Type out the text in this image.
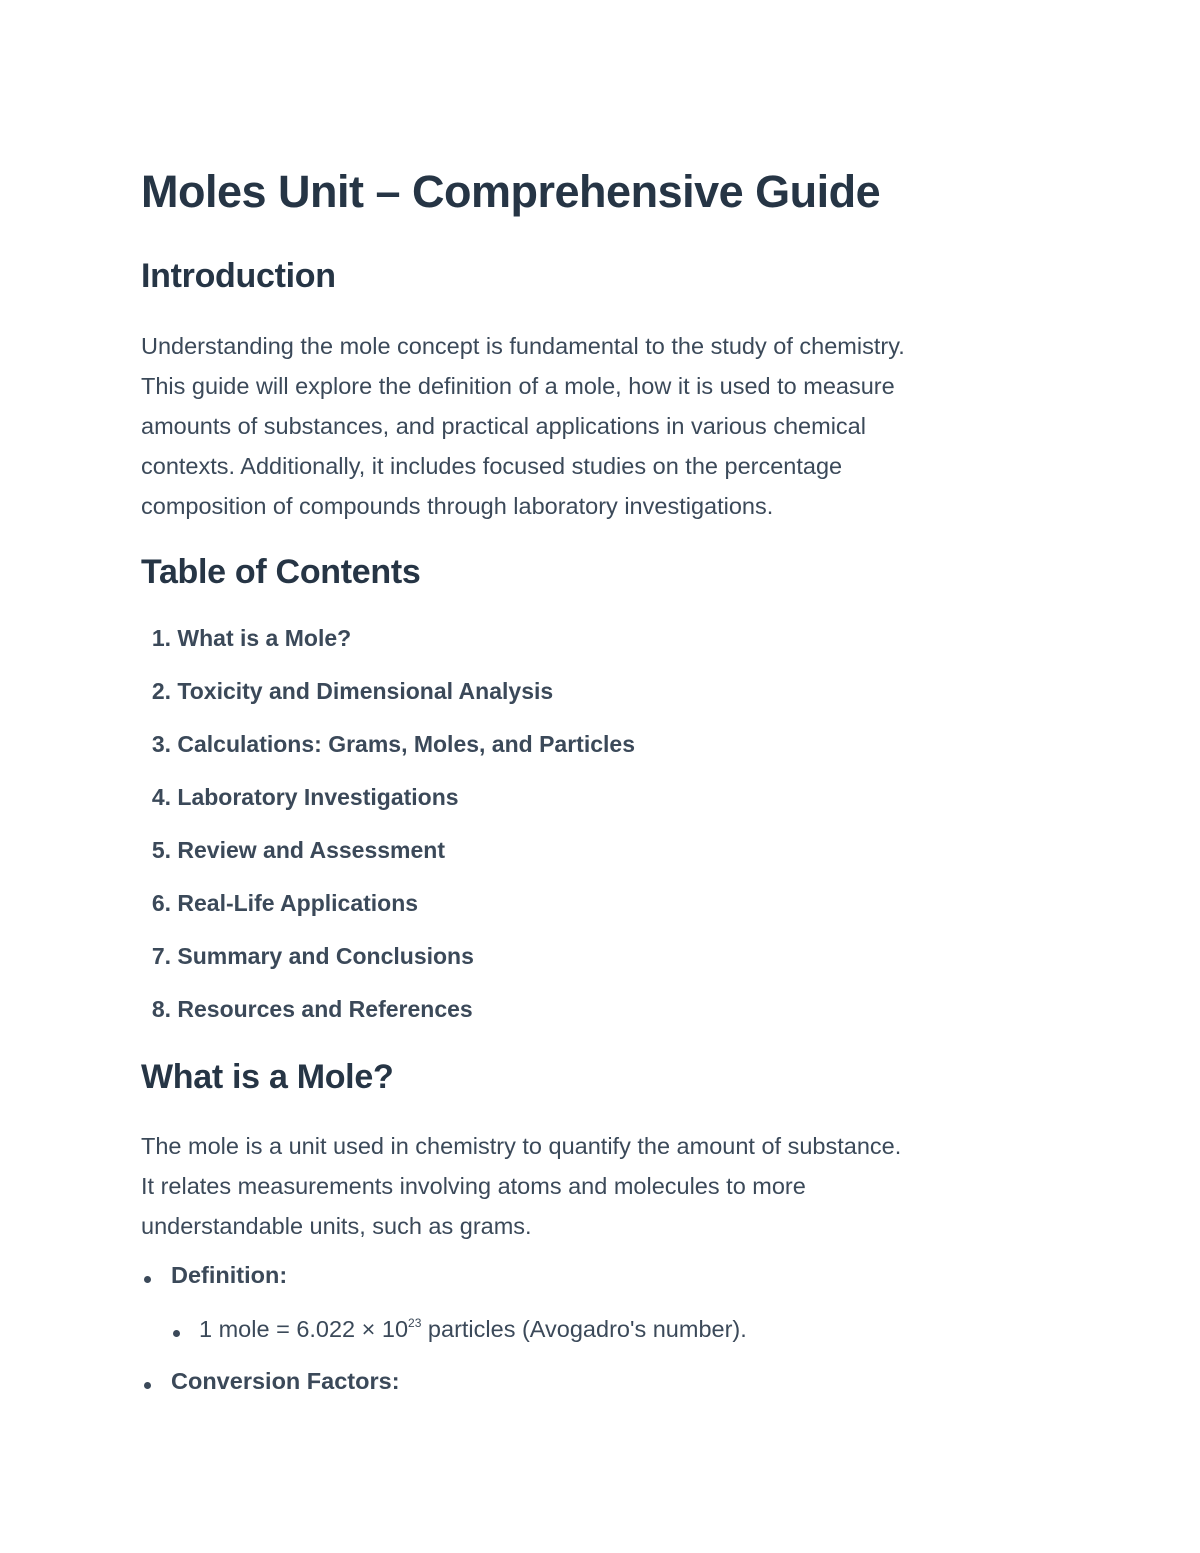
Moles Unit – Comprehensive Guide
Introduction
Understanding the mole concept is fundamental to the study of chemistry.
This guide will explore the definition of a mole, how it is used to measure
amounts of substances, and practical applications in various chemical
contexts. Additionally, it includes focused studies on the percentage
composition of compounds through laboratory investigations.
Table of Contents
1. What is a Mole?
2. Toxicity and Dimensional Analysis
3. Calculations: Grams, Moles, and Particles
4. Laboratory Investigations
5. Review and Assessment
6. Real-Life Applications
7. Summary and Conclusions
8. Resources and References
What is a Mole?
The mole is a unit used in chemistry to quantify the amount of substance.
It relates measurements involving atoms and molecules to more
understandable units, such as grams.
Definition:
1 mole = $6.022 \times 10^{23}$ particles (Avogadro's number).
Conversion Factors:
